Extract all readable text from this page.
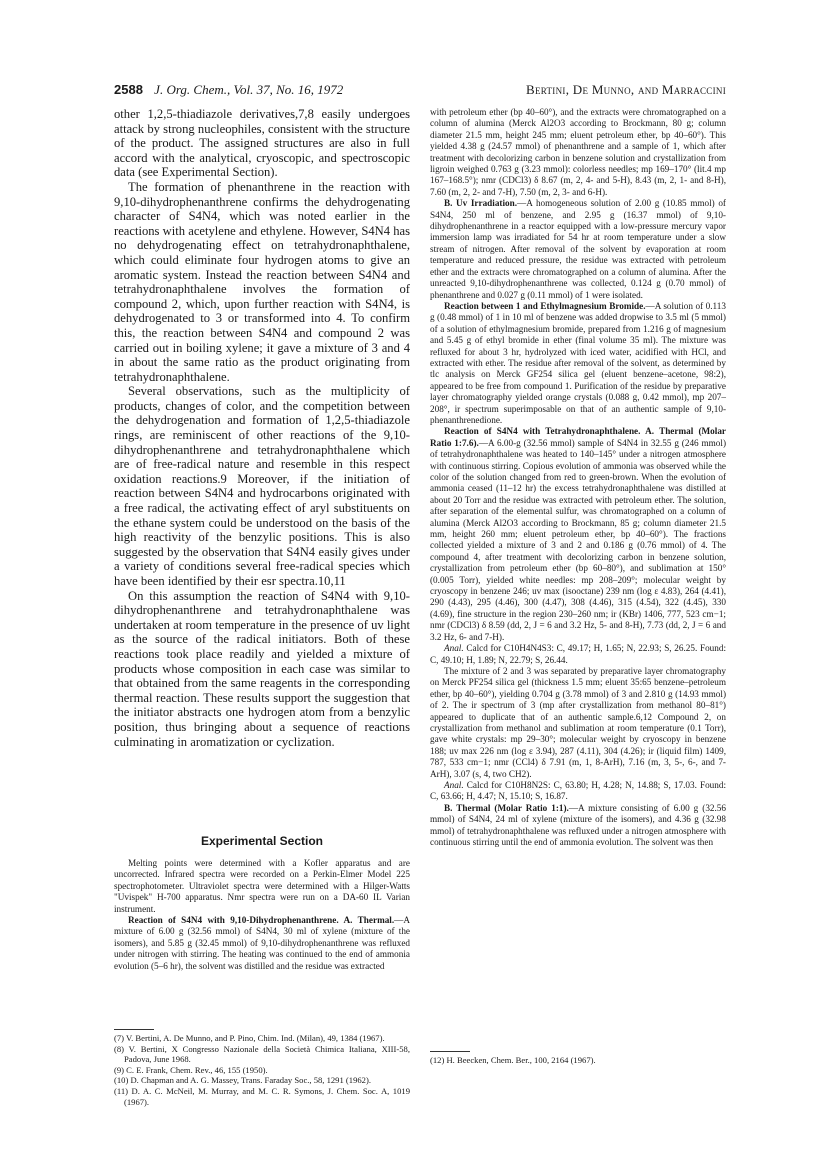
2588 J. Org. Chem., Vol. 37, No. 16, 1972	Bertini, De Munno, and Marraccini

other 1,2,5-thiadiazole derivatives,7,8 easily undergoes attack by strong nucleophiles, consistent with the structure of the product. The assigned structures are also in full accord with the analytical, cryoscopic, and spectroscopic data (see Experimental Section).

The formation of phenanthrene in the reaction with 9,10-dihydrophenanthrene confirms the dehydrogenating character of S4N4, which was noted earlier in the reactions with acetylene and ethylene. However, S4N4 has no dehydrogenating effect on tetrahydronaphthalene, which could eliminate four hydrogen atoms to give an aromatic system. Instead the reaction between S4N4 and tetrahydronaphthalene involves the formation of compound 2, which, upon further reaction with S4N4, is dehydrogenated to 3 or transformed into 4. To confirm this, the reaction between S4N4 and compound 2 was carried out in boiling xylene; it gave a mixture of 3 and 4 in about the same ratio as the product originating from tetrahydronaphthalene.

Several observations, such as the multiplicity of products, changes of color, and the competition between the dehydrogenation and formation of 1,2,5-thiadiazole rings, are reminiscent of other reactions of the 9,10-dihydrophenanthrene and tetrahydronaphthalene which are of free-radical nature and resemble in this respect oxidation reactions.9 Moreover, if the initiation of reaction between S4N4 and hydrocarbons originated with a free radical, the activating effect of aryl substituents on the ethane system could be understood on the basis of the high reactivity of the benzylic positions. This is also suggested by the observation that S4N4 easily gives under a variety of conditions several free-radical species which have been identified by their esr spectra.10,11

On this assumption the reaction of S4N4 with 9,10-dihydrophenanthrene and tetrahydronaphthalene was undertaken at room temperature in the presence of uv light as the source of the radical initiators. Both of these reactions took place readily and yielded a mixture of products whose composition in each case was similar to that obtained from the same reagents in the corresponding thermal reaction. These results support the suggestion that the initiator abstracts one hydrogen atom from a benzylic position, thus bringing about a sequence of reactions culminating in aromatization or cyclization.

Experimental Section

Melting points were determined with a Kofler apparatus and are uncorrected. Infrared spectra were recorded on a Perkin-Elmer Model 225 spectrophotometer. Ultraviolet spectra were determined with a Hilger-Watts "Uvispek" H-700 apparatus. Nmr spectra were run on a DA-60 IL Varian instrument.

Reaction of S4N4 with 9,10-Dihydrophenanthrene. A. Thermal.—A mixture of 6.00 g (32.56 mmol) of S4N4, 30 ml of xylene (mixture of the isomers), and 5.85 g (32.45 mmol) of 9,10-dihydrophenanthrene was refluxed under nitrogen with stirring. The heating was continued to the end of ammonia evolution (5–6 hr), the solvent was distilled and the residue was extracted

(7) V. Bertini, A. De Munno, and P. Pino, Chim. Ind. (Milan), 49, 1384 (1967).

(8) V. Bertini, X Congresso Nazionale della Società Chimica Italiana, XIII-58, Padova, June 1968.

(9) C. E. Frank, Chem. Rev., 46, 155 (1950).

(10) D. Chapman and A. G. Massey, Trans. Faraday Soc., 58, 1291 (1962).

(11) D. A. C. McNeil, M. Murray, and M. C. R. Symons, J. Chem. Soc. A, 1019 (1967).

with petroleum ether (bp 40–60°), and the extracts were chromatographed on a column of alumina (Merck Al2O3 according to Brockmann, 80 g; column diameter 21.5 mm, height 245 mm; eluent petroleum ether, bp 40–60°). This yielded 4.38 g (24.57 mmol) of phenanthrene and a sample of 1, which after treatment with decolorizing carbon in benzene solution and crystallization from ligroin weighed 0.763 g (3.23 mmol): colorless needles; mp 169–170° (lit.4 mp 167–168.5°); nmr (CDCl3) δ 8.67 (m, 2, 4- and 5-H), 8.43 (m, 2, 1- and 8-H), 7.60 (m, 2, 2- and 7-H), 7.50 (m, 2, 3- and 6-H).

B. Uv Irradiation.—A homogeneous solution of 2.00 g (10.85 mmol) of S4N4, 250 ml of benzene, and 2.95 g (16.37 mmol) of 9,10-dihydrophenanthrene in a reactor equipped with a low-pressure mercury vapor immersion lamp was irradiated for 54 hr at room temperature under a slow stream of nitrogen. After removal of the solvent by evaporation at room temperature and reduced pressure, the residue was extracted with petroleum ether and the extracts were chromatographed on a column of alumina. After the unreacted 9,10-dihydrophenanthrene was collected, 0.124 g (0.70 mmol) of phenanthrene and 0.027 g (0.11 mmol) of 1 were isolated.

Reaction between 1 and Ethylmagnesium Bromide.—A solution of 0.113 g (0.48 mmol) of 1 in 10 ml of benzene was added dropwise to 3.5 ml (5 mmol) of a solution of ethylmagnesium bromide, prepared from 1.216 g of magnesium and 5.45 g of ethyl bromide in ether (final volume 35 ml). The mixture was refluxed for about 3 hr, hydrolyzed with iced water, acidified with HCl, and extracted with ether. The residue after removal of the solvent, as determined by tlc analysis on Merck GF254 silica gel (eluent benzene–acetone, 98:2), appeared to be free from compound 1. Purification of the residue by preparative layer chromatography yielded orange crystals (0.088 g, 0.42 mmol), mp 207–208°, ir spectrum superimposable on that of an authentic sample of 9,10-phenanthrenedione.

Reaction of S4N4 with Tetrahydronaphthalene. A. Thermal (Molar Ratio 1:7.6).—A 6.00-g (32.56 mmol) sample of S4N4 in 32.55 g (246 mmol) of tetrahydronaphthalene was heated to 140–145° under a nitrogen atmosphere with continuous stirring. Copious evolution of ammonia was observed while the color of the solution changed from red to green-brown. When the evolution of ammonia ceased (11–12 hr) the excess tetrahydronaphthalene was distilled at about 20 Torr and the residue was extracted with petroleum ether. The solution, after separation of the elemental sulfur, was chromatographed on a column of alumina (Merck Al2O3 according to Brockmann, 85 g; column diameter 21.5 mm, height 260 mm; eluent petroleum ether, bp 40–60°). The fractions collected yielded a mixture of 3 and 2 and 0.186 g (0.76 mmol) of 4. The compound 4, after treatment with decolorizing carbon in benzene solution, crystallization from petroleum ether (bp 60–80°), and sublimation at 150° (0.005 Torr), yielded white needles: mp 208–209°; molecular weight by cryoscopy in benzene 246; uv max (isooctane) 239 nm (log ε 4.83), 264 (4.41), 290 (4.43), 295 (4.46), 300 (4.47), 308 (4.46), 315 (4.54), 322 (4.45), 330 (4.69), fine structure in the region 230–260 nm; ir (KBr) 1406, 777, 523 cm−1; nmr (CDCl3) δ 8.59 (dd, 2, J = 6 and 3.2 Hz, 5- and 8-H), 7.73 (dd, 2, J = 6 and 3.2 Hz, 6- and 7-H).

Anal. Calcd for C10H4N4S3: C, 49.17; H, 1.65; N, 22.93; S, 26.25. Found: C, 49.10; H, 1.89; N, 22.79; S, 26.44.

The mixture of 2 and 3 was separated by preparative layer chromatography on Merck PF254 silica gel (thickness 1.5 mm; eluent 35:65 benzene–petroleum ether, bp 40–60°), yielding 0.704 g (3.78 mmol) of 3 and 2.810 g (14.93 mmol) of 2. The ir spectrum of 3 (mp after crystallization from methanol 80–81°) appeared to duplicate that of an authentic sample.6,12 Compound 2, on crystallization from methanol and sublimation at room temperature (0.1 Torr), gave white crystals: mp 29–30°; molecular weight by cryoscopy in benzene 188; uv max 226 nm (log ε 3.94), 287 (4.11), 304 (4.26); ir (liquid film) 1409, 787, 533 cm−1; nmr (CCl4) δ 7.91 (m, 1, 8-ArH), 7.16 (m, 3, 5-, 6-, and 7-ArH), 3.07 (s, 4, two CH2).

Anal. Calcd for C10H8N2S: C, 63.80; H, 4.28; N, 14.88; S, 17.03. Found: C, 63.66; H, 4.47; N, 15.10; S, 16.87.

B. Thermal (Molar Ratio 1:1).—A mixture consisting of 6.00 g (32.56 mmol) of S4N4, 24 ml of xylene (mixture of the isomers), and 4.36 g (32.98 mmol) of tetrahydronaphthalene was refluxed under a nitrogen atmosphere with continuous stirring until the end of ammonia evolution. The solvent was then

(12) H. Beecken, Chem. Ber., 100, 2164 (1967).
